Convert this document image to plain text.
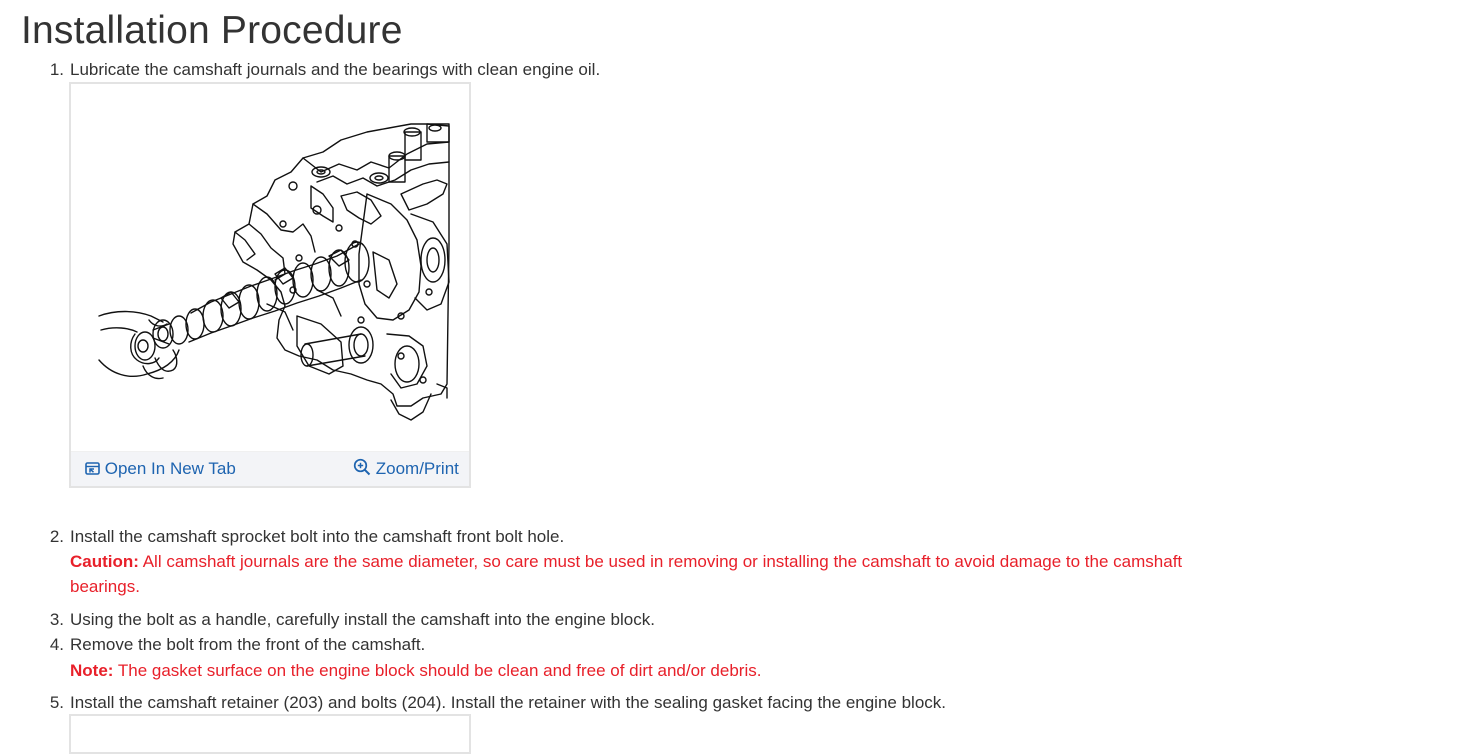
Installation Procedure
1. Lubricate the camshaft journals and the bearings with clean engine oil.
Open In New Tab	Zoom/Print
2. Install the camshaft sprocket bolt into the camshaft front bolt hole.
Caution: All camshaft journals are the same diameter, so care must be used in removing or installing the camshaft to avoid damage to the camshaft bearings.
3. Using the bolt as a handle, carefully install the camshaft into the engine block.
4. Remove the bolt from the front of the camshaft.
Note: The gasket surface on the engine block should be clean and free of dirt and/or debris.
5. Install the camshaft retainer (203) and bolts (204). Install the retainer with the sealing gasket facing the engine block.
